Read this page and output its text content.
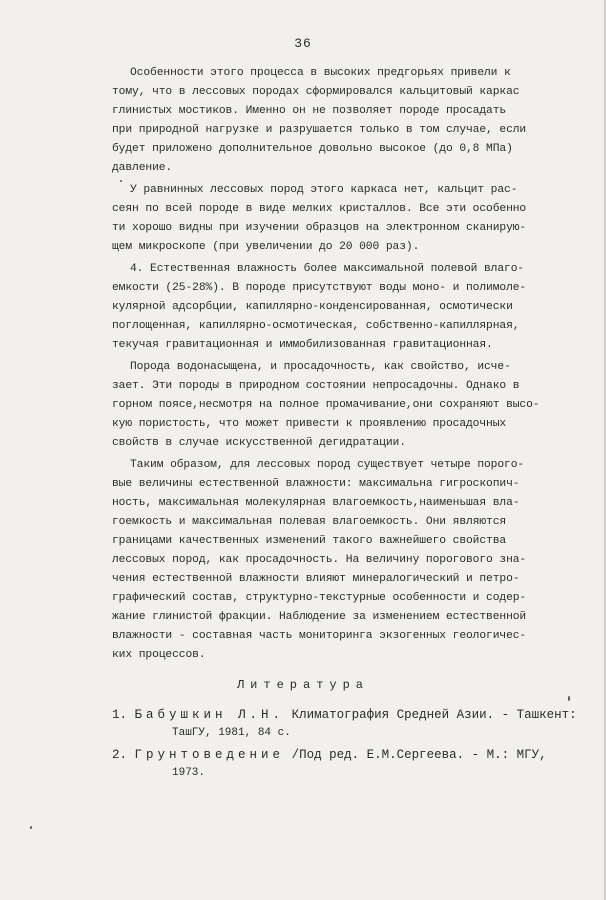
36
Особенности этого процесса в высоких предгорьях привели к
тому, что в лессовых породах сформировался кальцитовый каркас
глинистых мостиков. Именно он не позволяет породе просадать
при природной нагрузке и разрушается только в том случае, если
будет приложено дополнительное довольно высокое (до 0,8 МПа)
давление.
У равнинных лессовых пород этого каркаса нет, кальцит рас-
сеян по всей породе в виде мелких кристаллов. Все эти особенно
ти хорошо видны при изучении образцов на электронном сканирую-
щем микроскопе (при увеличении до 20 000 раз).
4. Естественная влажность более максимальной полевой влаго-
емкости (25-28%). В породе присутствуют воды моно- и полимоле-
кулярной адсорбции, капиллярно-конденсированная, осмотически
поглощенная, капиллярно-осмотическая, собственно-капиллярная,
текучая гравитационная и иммобилизованная гравитационная.
Порода водонасыщена, и просадочность, как свойство, исче-
зает. Эти породы в природном состоянии непросадочны. Однако в
горном поясе,несмотря на полное промачивание,они сохраняют высо-
кую пористость, что может привести к проявлению просадочных
свойств в случае искусственной дегидратации.
Таким образом, для лессовых пород существует четыре порого-
вые величины естественной влажности: максимальна гигроскопич-
ность, максимальная молекулярная влагоемкость,наименьшая вла-
гоемкость и максимальная полевая влагоемкость. Они являются
границами качественных изменений такого важнейшего свойства
лессовых пород, как просадочность. На величину порогового зна-
чения естественной влажности влияют минералогический и петро-
графический состав, структурно-текстурные особенности и содер-
жание глинистой фракции. Наблюдение за изменением естественной
влажности - составная часть мониторинга экзогенных геологичес-
ких процессов.
Литература
1. Бабушкин Л.Н. Климатография Средней Азии. - Ташкент:
ТашГУ, 1981, 84 с.
2. Грунтоведение /Под ред. Е.М.Сергеева. - М.: МГУ,
1973.
